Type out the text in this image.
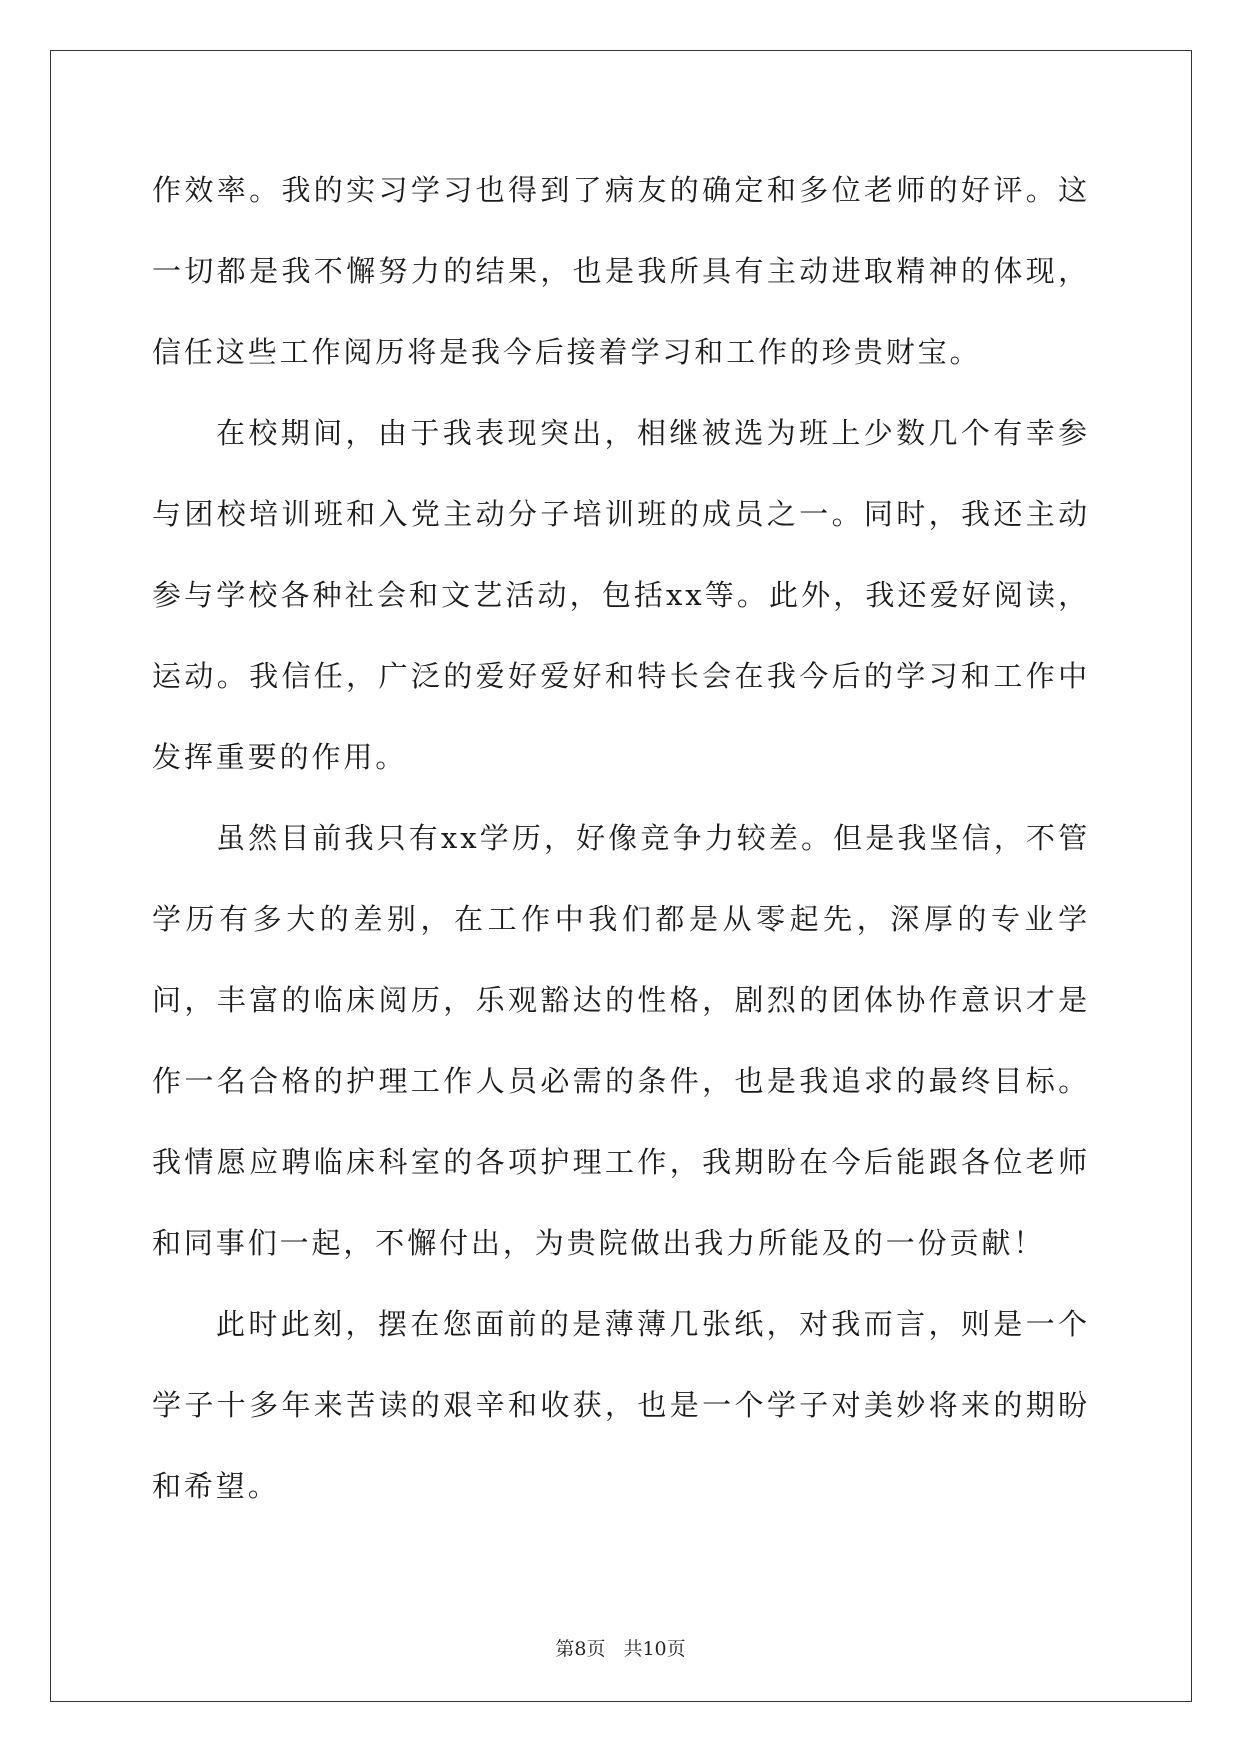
作效率。我的实习学习也得到了病友的确定和多位老师的好评。这一切都是我不懈努力的结果，也是我所具有主动进取精神的体现，信任这些工作阅历将是我今后接着学习和工作的珍贵财宝。

在校期间，由于我表现突出，相继被选为班上少数几个有幸参与团校培训班和入党主动分子培训班的成员之一。同时，我还主动参与学校各种社会和文艺活动，包括xx等。此外，我还爱好阅读，运动。我信任，广泛的爱好爱好和特长会在我今后的学习和工作中发挥重要的作用。

虽然目前我只有xx学历，好像竞争力较差。但是我坚信，不管学历有多大的差别，在工作中我们都是从零起先，深厚的专业学问，丰富的临床阅历，乐观豁达的性格，剧烈的团体协作意识才是作一名合格的护理工作人员必需的条件，也是我追求的最终目标。我情愿应聘临床科室的各项护理工作，我期盼在今后能跟各位老师和同事们一起，不懈付出，为贵院做出我力所能及的一份贡献！

此时此刻，摆在您面前的是薄薄几张纸，对我而言，则是一个学子十多年来苦读的艰辛和收获，也是一个学子对美妙将来的期盼和希望。

第8页 共10页
